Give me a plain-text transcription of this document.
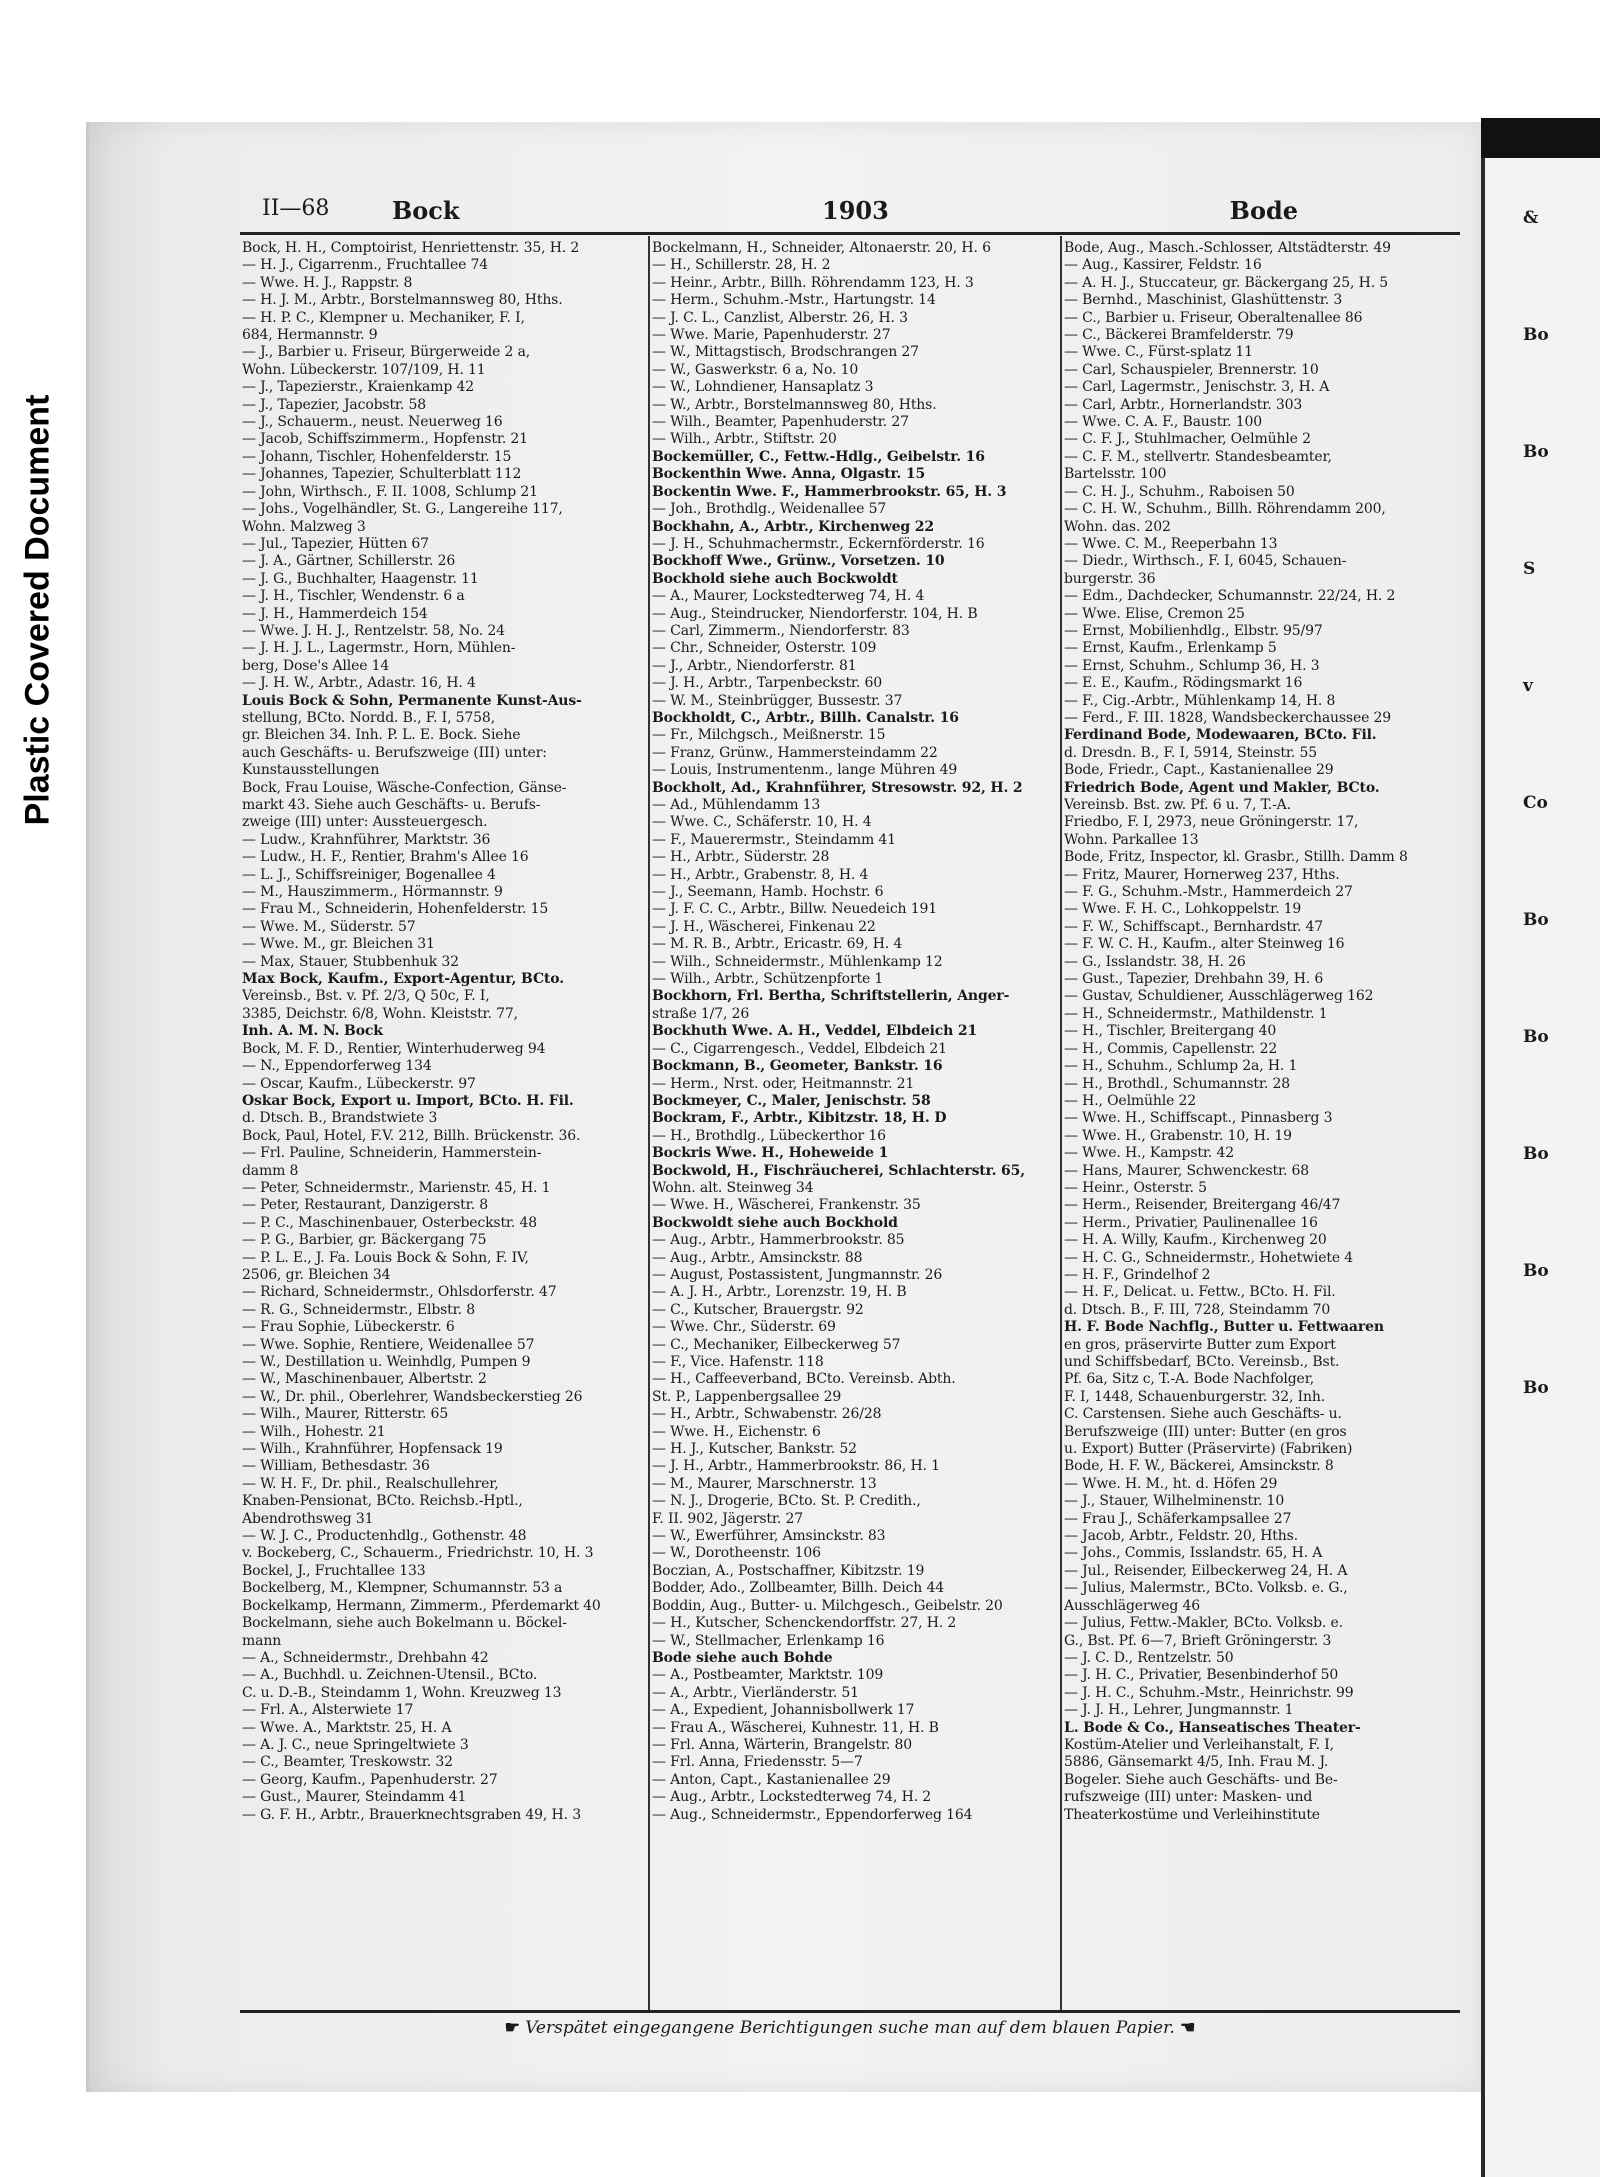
Plastic Covered Document
&
Bo
Bo
S
v
Co
Bo
Bo
Bo
Bo
Bo
II—68	Bock	1903	Bode
Bock, H. H., Comptoirist, Henriettenstr. 35, H. 2
— H. J., Cigarrenm., Fruchtallee 74
— Wwe. H. J., Rappstr. 8
— H. J. M., Arbtr., Borstelmannsweg 80, Hths.
— H. P. C., Klempner u. Mechaniker, F. I,
684, Hermannstr. 9
— J., Barbier u. Friseur, Bürgerweide 2 a,
Wohn. Lübeckerstr. 107/109, H. 11
— J., Tapezierstr., Kraienkamp 42
— J., Tapezier, Jacobstr. 58
— J., Schauerm., neust. Neuerweg 16
— Jacob, Schiffszimmerm., Hopfenstr. 21
— Johann, Tischler, Hohenfelderstr. 15
— Johannes, Tapezier, Schulterblatt 112
— John, Wirthsch., F. II. 1008, Schlump 21
— Johs., Vogelhändler, St. G., Langereihe 117,
Wohn. Malzweg 3
— Jul., Tapezier, Hütten 67
— J. A., Gärtner, Schillerstr. 26
— J. G., Buchhalter, Haagenstr. 11
— J. H., Tischler, Wendenstr. 6 a
— J. H., Hammerdeich 154
— Wwe. J. H. J., Rentzelstr. 58, No. 24
— J. H. J. L., Lagermstr., Horn, Mühlen-
berg, Dose's Allee 14
— J. H. W., Arbtr., Adastr. 16, H. 4
Louis Bock & Sohn, Permanente Kunst-Aus-
stellung, BCto. Nordd. B., F. I, 5758,
gr. Bleichen 34. Inh. P. L. E. Bock. Siehe
auch Geschäfts- u. Berufszweige (III) unter:
Kunstausstellungen
Bock, Frau Louise, Wäsche-Confection, Gänse-
markt 43. Siehe auch Geschäfts- u. Berufs-
zweige (III) unter: Aussteuergesch.
— Ludw., Krahnführer, Marktstr. 36
— Ludw., H. F., Rentier, Brahm's Allee 16
— L. J., Schiffsreiniger, Bogenallee 4
— M., Hauszimmerm., Hörmannstr. 9
— Frau M., Schneiderin, Hohenfelderstr. 15
— Wwe. M., Süderstr. 57
— Wwe. M., gr. Bleichen 31
— Max, Stauer, Stubbenhuk 32
Max Bock, Kaufm., Export-Agentur, BCto.
Vereinsb., Bst. v. Pf. 2/3, Q 50c, F. I,
3385, Deichstr. 6/8, Wohn. Kleiststr. 77,
Inh. A. M. N. Bock
Bock, M. F. D., Rentier, Winterhuderweg 94
— N., Eppendorferweg 134
— Oscar, Kaufm., Lübeckerstr. 97
Oskar Bock, Export u. Import, BCto. H. Fil.
d. Dtsch. B., Brandstwiete 3
Bock, Paul, Hotel, F.V. 212, Billh. Brückenstr. 36.
— Frl. Pauline, Schneiderin, Hammerstein-
damm 8
— Peter, Schneidermstr., Marienstr. 45, H. 1
— Peter, Restaurant, Danzigerstr. 8
— P. C., Maschinenbauer, Osterbeckstr. 48
— P. G., Barbier, gr. Bäckergang 75
— P. L. E., J. Fa. Louis Bock & Sohn, F. IV,
2506, gr. Bleichen 34
— Richard, Schneidermstr., Ohlsdorferstr. 47
— R. G., Schneidermstr., Elbstr. 8
— Frau Sophie, Lübeckerstr. 6
— Wwe. Sophie, Rentiere, Weidenallee 57
— W., Destillation u. Weinhdlg, Pumpen 9
— W., Maschinenbauer, Albertstr. 2
— W., Dr. phil., Oberlehrer, Wandsbeckerstieg 26
— Wilh., Maurer, Ritterstr. 65
— Wilh., Hohestr. 21
— Wilh., Krahnführer, Hopfensack 19
— William, Bethesdastr. 36
— W. H. F., Dr. phil., Realschullehrer,
Knaben-Pensionat, BCto. Reichsb.-Hptl.,
Abendrothsweg 31
— W. J. C., Productenhdlg., Gothenstr. 48
v. Bockeberg, C., Schauerm., Friedrichstr. 10, H. 3
Bockel, J., Fruchtallee 133
Bockelberg, M., Klempner, Schumannstr. 53 a
Bockelkamp, Hermann, Zimmerm., Pferdemarkt 40
Bockelmann, siehe auch Bokelmann u. Böckel-
mann
— A., Schneidermstr., Drehbahn 42
— A., Buchhdl. u. Zeichnen-Utensil., BCto.
C. u. D.-B., Steindamm 1, Wohn. Kreuzweg 13
— Frl. A., Alsterwiete 17
— Wwe. A., Marktstr. 25, H. A
— A. J. C., neue Springeltwiete 3
— C., Beamter, Treskowstr. 32
— Georg, Kaufm., Papenhuderstr. 27
— Gust., Maurer, Steindamm 41
— G. F. H., Arbtr., Brauerknechtsgraben 49, H. 3
Bockelmann, H., Schneider, Altonaerstr. 20, H. 6
— H., Schillerstr. 28, H. 2
— Heinr., Arbtr., Billh. Röhrendamm 123, H. 3
— Herm., Schuhm.-Mstr., Hartungstr. 14
— J. C. L., Canzlist, Alberstr. 26, H. 3
— Wwe. Marie, Papenhuderstr. 27
— W., Mittagstisch, Brodschrangen 27
— W., Gaswerkstr. 6 a, No. 10
— W., Lohndiener, Hansaplatz 3
— W., Arbtr., Borstelmannsweg 80, Hths.
— Wilh., Beamter, Papenhuderstr. 27
— Wilh., Arbtr., Stiftstr. 20
Bockemüller, C., Fettw.-Hdlg., Geibelstr. 16
Bockenthin Wwe. Anna, Olgastr. 15
Bockentin Wwe. F., Hammerbrookstr. 65, H. 3
— Joh., Brothdlg., Weidenallee 57
Bockhahn, A., Arbtr., Kirchenweg 22
— J. H., Schuhmachermstr., Eckernförderstr. 16
Bockhoff Wwe., Grünw., Vorsetzen. 10
Bockhold siehe auch Bockwoldt
— A., Maurer, Lockstedterweg 74, H. 4
— Aug., Steindrucker, Niendorferstr. 104, H. B
— Carl, Zimmerm., Niendorferstr. 83
— Chr., Schneider, Osterstr. 109
— J., Arbtr., Niendorferstr. 81
— J. H., Arbtr., Tarpenbeckstr. 60
— W. M., Steinbrügger, Bussestr. 37
Bockholdt, C., Arbtr., Billh. Canalstr. 16
— Fr., Milchgsch., Meißnerstr. 15
— Franz, Grünw., Hammersteindamm 22
— Louis, Instrumentenm., lange Mühren 49
Bockholt, Ad., Krahnführer, Stresowstr. 92, H. 2
— Ad., Mühlendamm 13
— Wwe. C., Schäferstr. 10, H. 4
— F., Mauerermstr., Steindamm 41
— H., Arbtr., Süderstr. 28
— H., Arbtr., Grabenstr. 8, H. 4
— J., Seemann, Hamb. Hochstr. 6
— J. F. C. C., Arbtr., Billw. Neuedeich 191
— J. H., Wäscherei, Finkenau 22
— M. R. B., Arbtr., Ericastr. 69, H. 4
— Wilh., Schneidermstr., Mühlenkamp 12
— Wilh., Arbtr., Schützenpforte 1
Bockhorn, Frl. Bertha, Schriftstellerin, Anger-
straße 1/7, 26
Bockhuth Wwe. A. H., Veddel, Elbdeich 21
— C., Cigarrengesch., Veddel, Elbdeich 21
Bockmann, B., Geometer, Bankstr. 16
— Herm., Nrst. oder, Heitmannstr. 21
Bockmeyer, C., Maler, Jenischstr. 58
Bockram, F., Arbtr., Kibitzstr. 18, H. D
— H., Brothdlg., Lübeckerthor 16
Bockris Wwe. H., Hoheweide 1
Bockwold, H., Fischräucherei, Schlachterstr. 65,
Wohn. alt. Steinweg 34
— Wwe. H., Wäscherei, Frankenstr. 35
Bockwoldt siehe auch Bockhold
— Aug., Arbtr., Hammerbrookstr. 85
— Aug., Arbtr., Amsinckstr. 88
— August, Postassistent, Jungmannstr. 26
— A. J. H., Arbtr., Lorenzstr. 19, H. B
— C., Kutscher, Brauergstr. 92
— Wwe. Chr., Süderstr. 69
— C., Mechaniker, Eilbeckerweg 57
— F., Vice. Hafenstr. 118
— H., Caffeeverband, BCto. Vereinsb. Abth.
St. P., Lappenbergsallee 29
— H., Arbtr., Schwabenstr. 26/28
— Wwe. H., Eichenstr. 6
— H. J., Kutscher, Bankstr. 52
— J. H., Arbtr., Hammerbrookstr. 86, H. 1
— M., Maurer, Marschnerstr. 13
— N. J., Drogerie, BCto. St. P. Credith.,
F. II. 902, Jägerstr. 27
— W., Ewerführer, Amsinckstr. 83
— W., Dorotheenstr. 106
Boczian, A., Postschaffner, Kibitzstr. 19
Bodder, Ado., Zollbeamter, Billh. Deich 44
Boddin, Aug., Butter- u. Milchgesch., Geibelstr. 20
— H., Kutscher, Schenckendorffstr. 27, H. 2
— W., Stellmacher, Erlenkamp 16
Bode siehe auch Bohde
— A., Postbeamter, Marktstr. 109
— A., Arbtr., Vierländerstr. 51
— A., Expedient, Johannisbollwerk 17
— Frau A., Wäscherei, Kuhnestr. 11, H. B
— Frl. Anna, Wärterin, Brangelstr. 80
— Frl. Anna, Friedensstr. 5—7
— Anton, Capt., Kastanienallee 29
— Aug., Arbtr., Lockstedterweg 74, H. 2
— Aug., Schneidermstr., Eppendorferweg 164
Bode, Aug., Masch.-Schlosser, Altstädterstr. 49
— Aug., Kassirer, Feldstr. 16
— A. H. J., Stuccateur, gr. Bäckergang 25, H. 5
— Bernhd., Maschinist, Glashüttenstr. 3
— C., Barbier u. Friseur, Oberaltenallee 86
— C., Bäckerei Bramfelderstr. 79
— Wwe. C., Fürst-splatz 11
— Carl, Schauspieler, Brennerstr. 10
— Carl, Lagermstr., Jenischstr. 3, H. A
— Carl, Arbtr., Hornerlandstr. 303
— Wwe. C. A. F., Baustr. 100
— C. F. J., Stuhlmacher, Oelmühle 2
— C. F. M., stellvertr. Standesbeamter,
Bartelsstr. 100
— C. H. J., Schuhm., Raboisen 50
— C. H. W., Schuhm., Billh. Röhrendamm 200,
Wohn. das. 202
— Wwe. C. M., Reeperbahn 13
— Diedr., Wirthsch., F. I, 6045, Schauen-
burgerstr. 36
— Edm., Dachdecker, Schumannstr. 22/24, H. 2
— Wwe. Elise, Cremon 25
— Ernst, Mobilienhdlg., Elbstr. 95/97
— Ernst, Kaufm., Erlenkamp 5
— Ernst, Schuhm., Schlump 36, H. 3
— E. E., Kaufm., Rödingsmarkt 16
— F., Cig.-Arbtr., Mühlenkamp 14, H. 8
— Ferd., F. III. 1828, Wandsbeckerchaussee 29
Ferdinand Bode, Modewaaren, BCto. Fil.
d. Dresdn. B., F. I, 5914, Steinstr. 55
Bode, Friedr., Capt., Kastanienallee 29
Friedrich Bode, Agent und Makler, BCto.
Vereinsb. Bst. zw. Pf. 6 u. 7, T.-A.
Friedbo, F. I, 2973, neue Gröningerstr. 17,
Wohn. Parkallee 13
Bode, Fritz, Inspector, kl. Grasbr., Stillh. Damm 8
— Fritz, Maurer, Hornerweg 237, Hths.
— F. G., Schuhm.-Mstr., Hammerdeich 27
— Wwe. F. H. C., Lohkoppelstr. 19
— F. W., Schiffscapt., Bernhardstr. 47
— F. W. C. H., Kaufm., alter Steinweg 16
— G., Isslandstr. 38, H. 26
— Gust., Tapezier, Drehbahn 39, H. 6
— Gustav, Schuldiener, Ausschlägerweg 162
— H., Schneidermstr., Mathildenstr. 1
— H., Tischler, Breitergang 40
— H., Commis, Capellenstr. 22
— H., Schuhm., Schlump 2a, H. 1
— H., Brothdl., Schumannstr. 28
— H., Oelmühle 22
— Wwe. H., Schiffscapt., Pinnasberg 3
— Wwe. H., Grabenstr. 10, H. 19
— Wwe. H., Kampstr. 42
— Hans, Maurer, Schwenckestr. 68
— Heinr., Osterstr. 5
— Herm., Reisender, Breitergang 46/47
— Herm., Privatier, Paulinenallee 16
— H. A. Willy, Kaufm., Kirchenweg 20
— H. C. G., Schneidermstr., Hohetwiete 4
— H. F., Grindelhof 2
— H. F., Delicat. u. Fettw., BCto. H. Fil.
d. Dtsch. B., F. III, 728, Steindamm 70
H. F. Bode Nachflg., Butter u. Fettwaaren
en gros, präservirte Butter zum Export
und Schiffsbedarf, BCto. Vereinsb., Bst.
Pf. 6a, Sitz c, T.-A. Bode Nachfolger,
F. I, 1448, Schauenburgerstr. 32, Inh.
C. Carstensen. Siehe auch Geschäfts- u.
Berufszweige (III) unter: Butter (en gros
u. Export) Butter (Präservirte) (Fabriken)
Bode, H. F. W., Bäckerei, Amsinckstr. 8
— Wwe. H. M., ht. d. Höfen 29
— J., Stauer, Wilhelminenstr. 10
— Frau J., Schäferkampsallee 27
— Jacob, Arbtr., Feldstr. 20, Hths.
— Johs., Commis, Isslandstr. 65, H. A
— Jul., Reisender, Eilbeckerweg 24, H. A
— Julius, Malermstr., BCto. Volksb. e. G.,
Ausschlägerweg 46
— Julius, Fettw.-Makler, BCto. Volksb. e.
G., Bst. Pf. 6—7, Brieft Gröningerstr. 3
— J. C. D., Rentzelstr. 50
— J. H. C., Privatier, Besenbinderhof 50
— J. H. C., Schuhm.-Mstr., Heinrichstr. 99
— J. J. H., Lehrer, Jungmannstr. 1
L. Bode & Co., Hanseatisches Theater-
Kostüm-Atelier und Verleihanstalt, F. I,
5886, Gänsemarkt 4/5, Inh. Frau M. J.
Bogeler. Siehe auch Geschäfts- und Be-
rufszweige (III) unter: Masken- und
Theaterkostüme und Verleihinstitute
☛ Verspätet eingegangene Berichtigungen suche man auf dem blauen Papier. ☚
